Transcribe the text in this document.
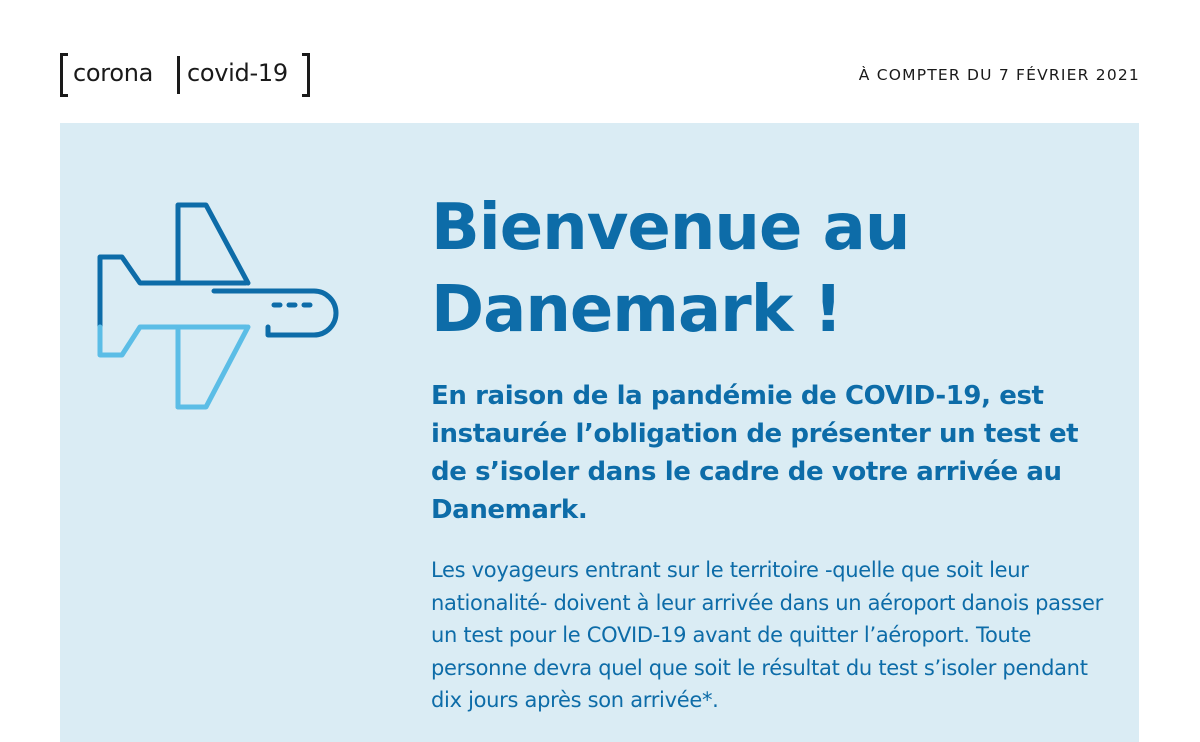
corona covid-19	À COMPTER DU 7 FÉVRIER 2021
Bienvenue au
Danemark !

En raison de la pandémie de COVID-19, est instaurée l’obligation de présenter un test et de s’isoler dans le cadre de votre arrivée au Danemark.

Les voyageurs entrant sur le territoire -quelle que soit leur nationalité- doivent à leur arrivée dans un aéroport danois passer un test pour le COVID-19 avant de quitter l’aéroport. Toute personne devra quel que soit le résultat du test s’isoler pendant dix jours après son arrivée*.
